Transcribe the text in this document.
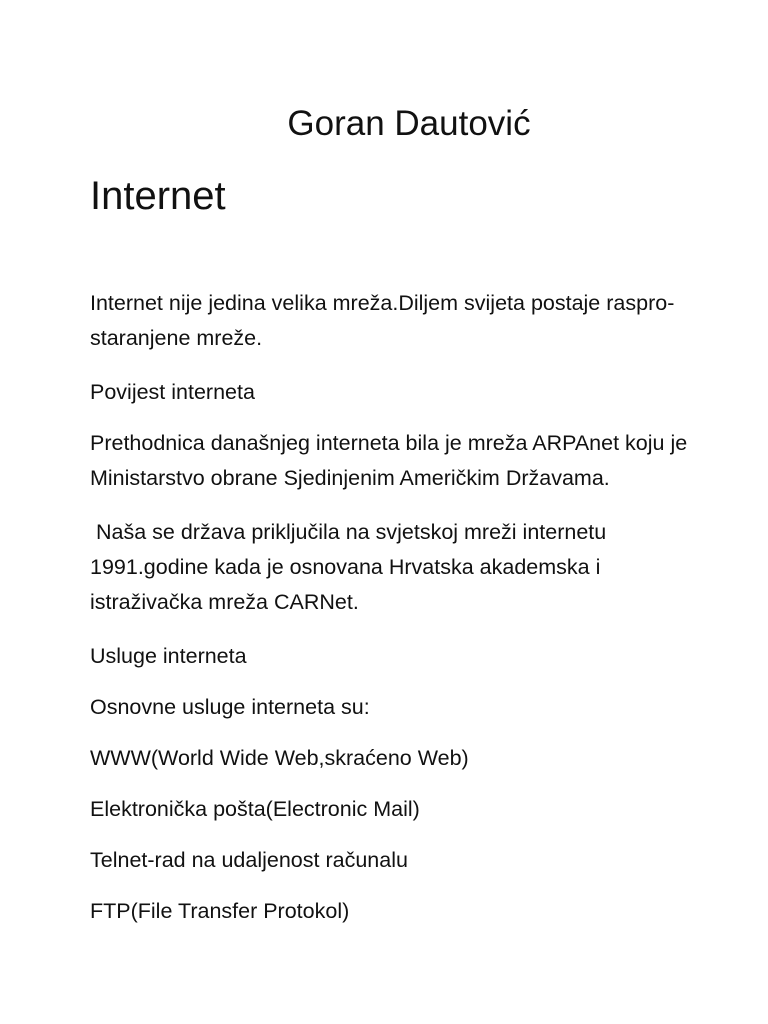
Goran Dautović
Internet

Internet nije jedina velika mreža.Diljem svijeta postaje rasprostaranjene mreže.

Povijest interneta

Prethodnica današnjeg interneta bila je mreža ARPAnet koju je Ministarstvo obrane Sjedinjenim Američkim Državama.

Naša se država priključila na svjetskoj mreži internetu 1991.godine kada je osnovana Hrvatska akademska i istraživačka mreža CARNet.

Usluge interneta

Osnovne usluge interneta su:

WWW(World Wide Web,skraćeno Web)

Elektronička pošta(Electronic Mail)

Telnet-rad na udaljenost računalu

FTP(File Transfer Protokol)
